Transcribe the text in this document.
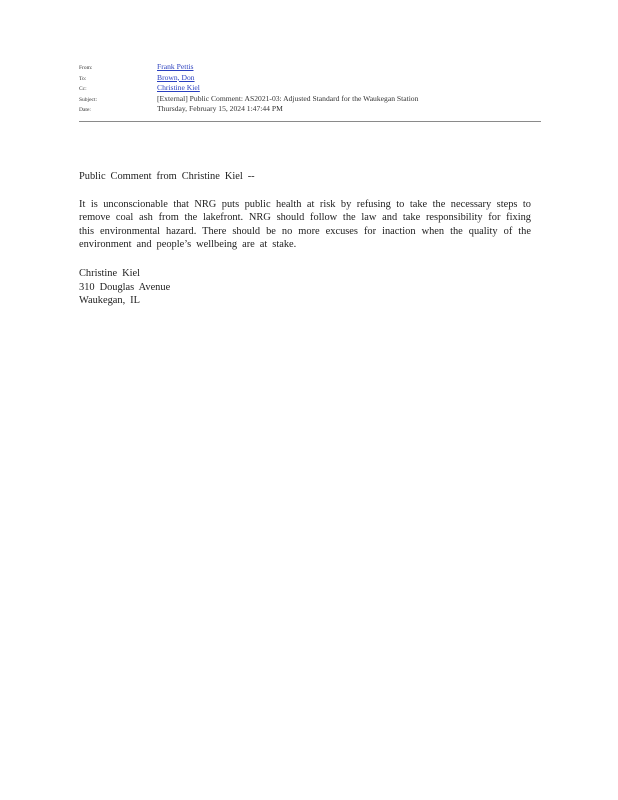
From:	Frank Pettis
To:	Brown, Don
Cc:	Christine Kiel
Subject:	[External] Public Comment: AS2021-03: Adjusted Standard for the Waukegan Station
Date:	Thursday, February 15, 2024 1:47:44 PM
Public Comment from Christine Kiel --
It is unconscionable that NRG puts public health at risk by refusing to take the necessary steps to remove coal ash from the lakefront. NRG should follow the law and take responsibility for fixing this environmental hazard. There should be no more excuses for inaction when the quality of the environment and people’s wellbeing are at stake.
Christine Kiel
310 Douglas Avenue
Waukegan, IL
